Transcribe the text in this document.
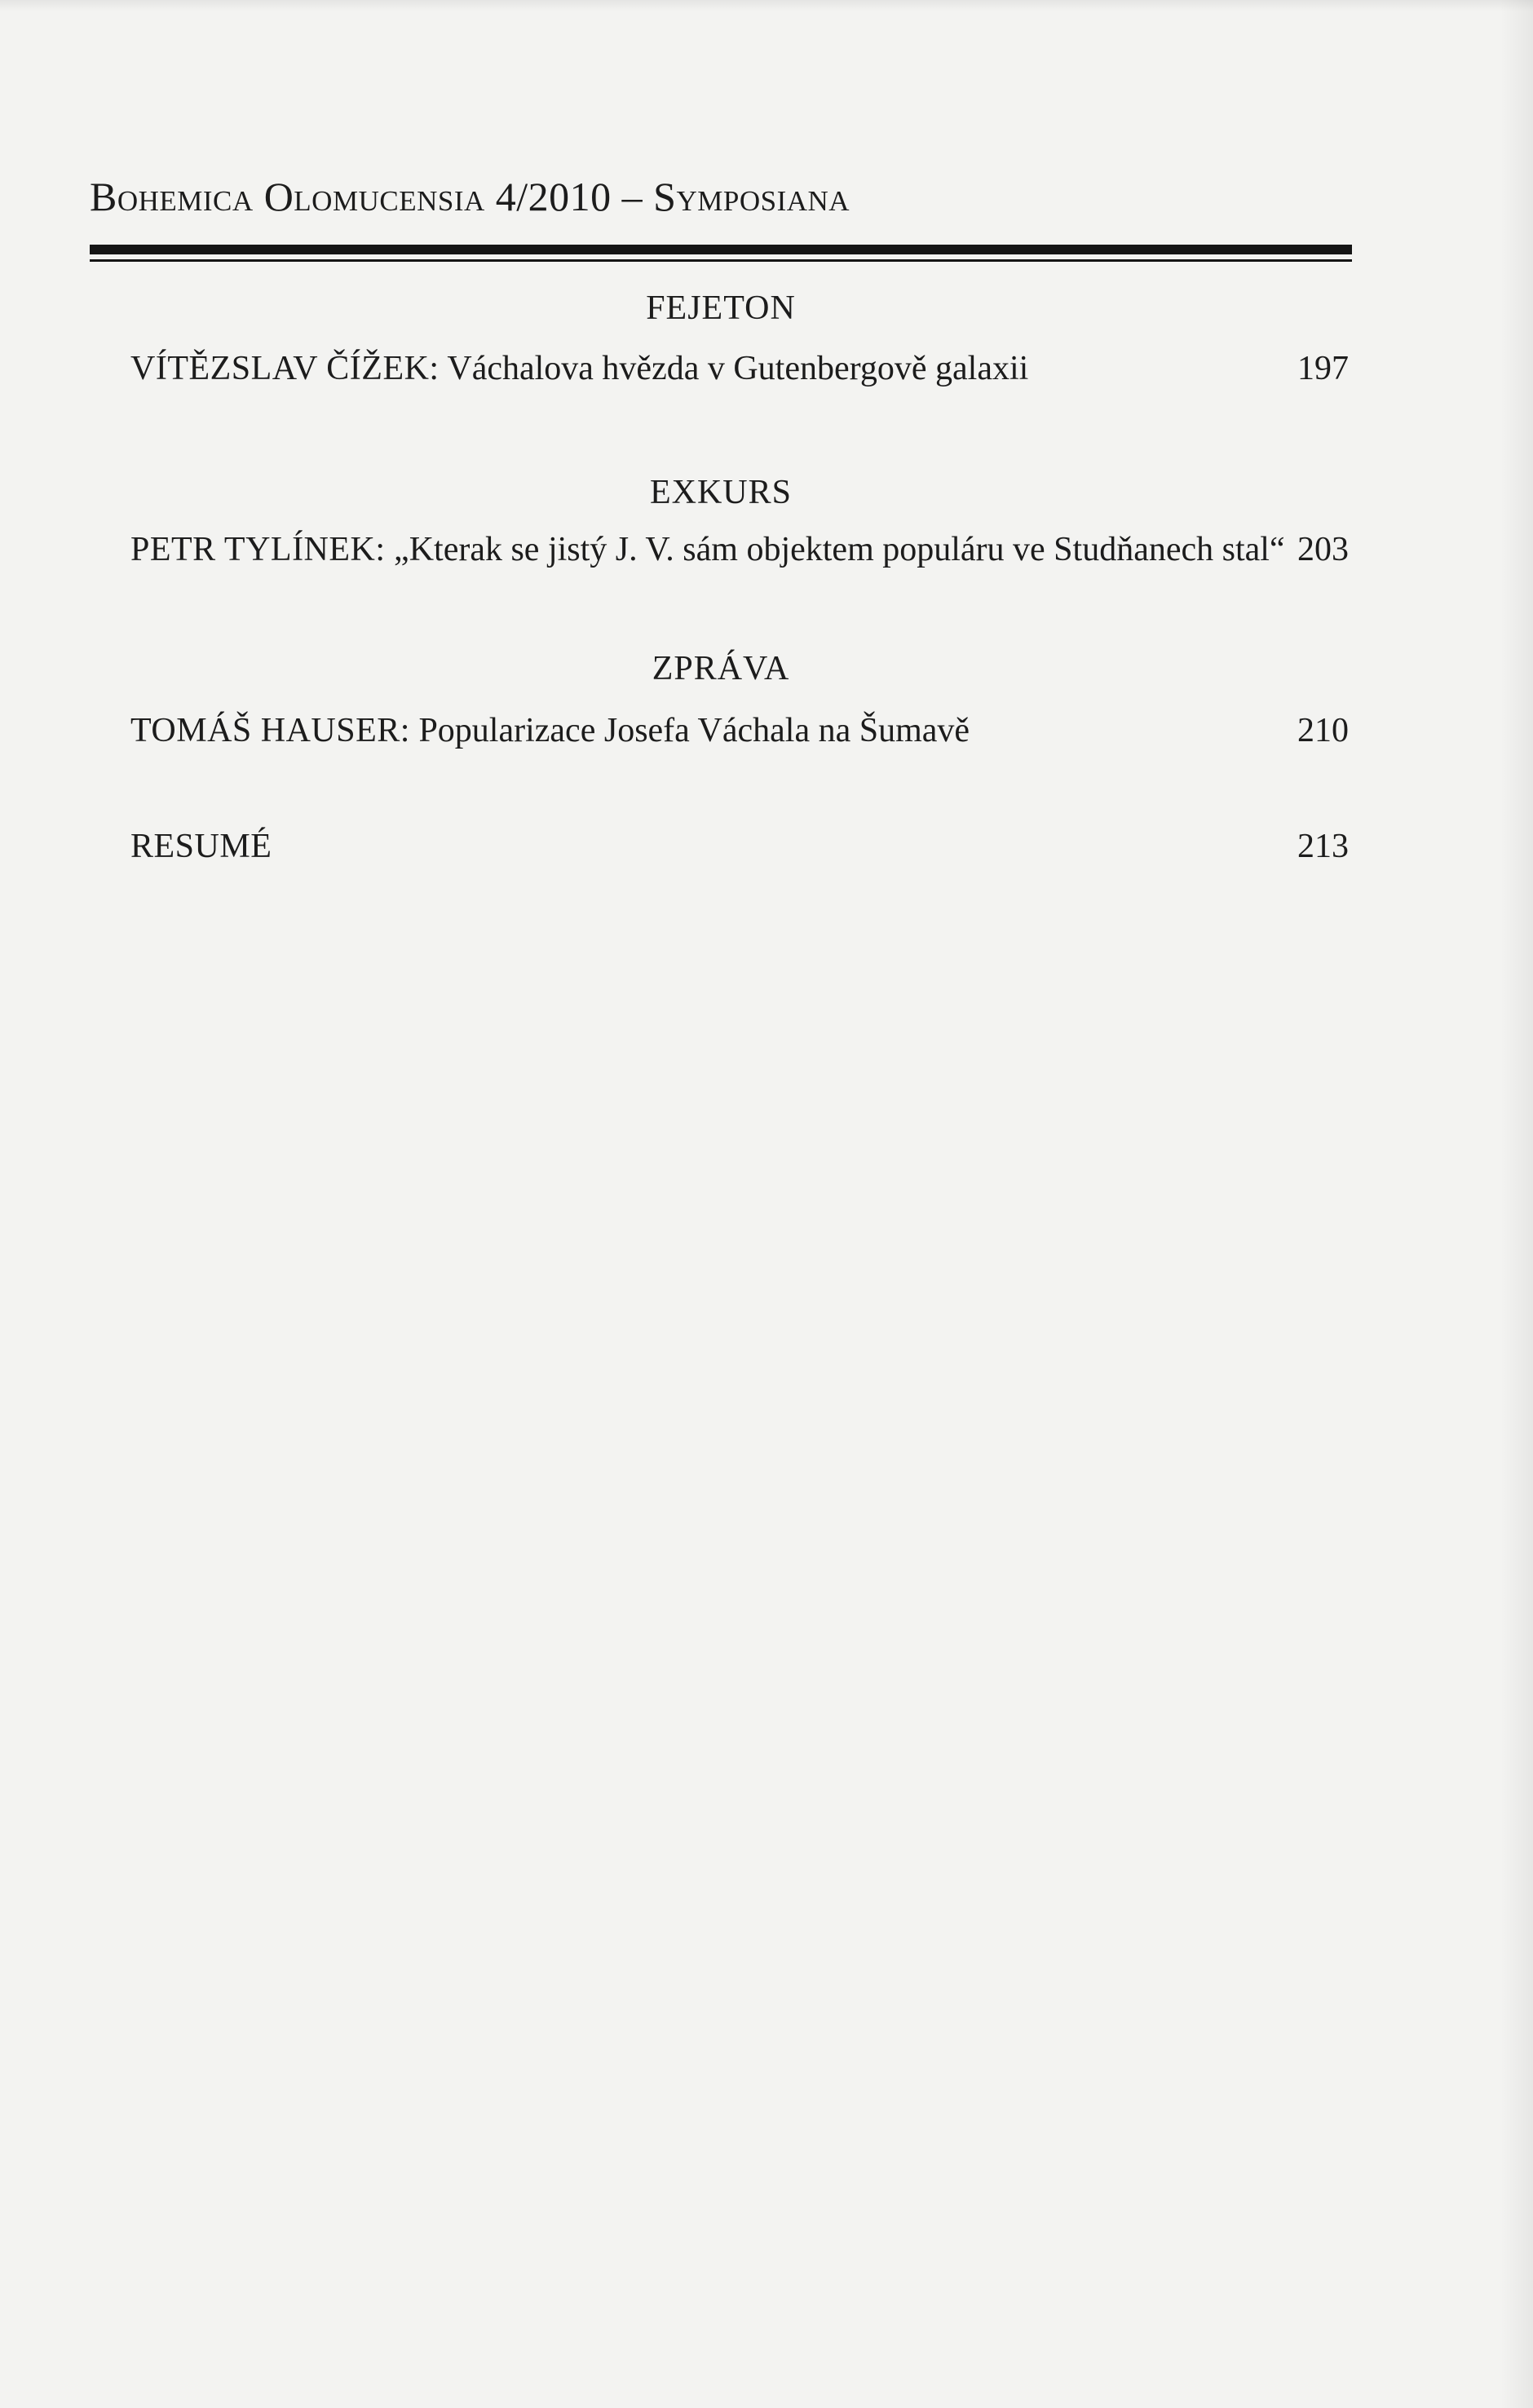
Bohemica Olomucensia 4/2010 – Symposiana
FEJETON
VÍTĚZSLAV ČÍŽEK: Váchalova hvězda v Gutenbergově galaxii	197
EXKURS
PETR TYLÍNEK: „Kterak se jistý J. V. sám objektem populáru ve Studňanech stal“ 203
ZPRÁVA
TOMÁŠ HAUSER: Popularizace Josefa Váchala na Šumavě	210
RESUMÉ	213
